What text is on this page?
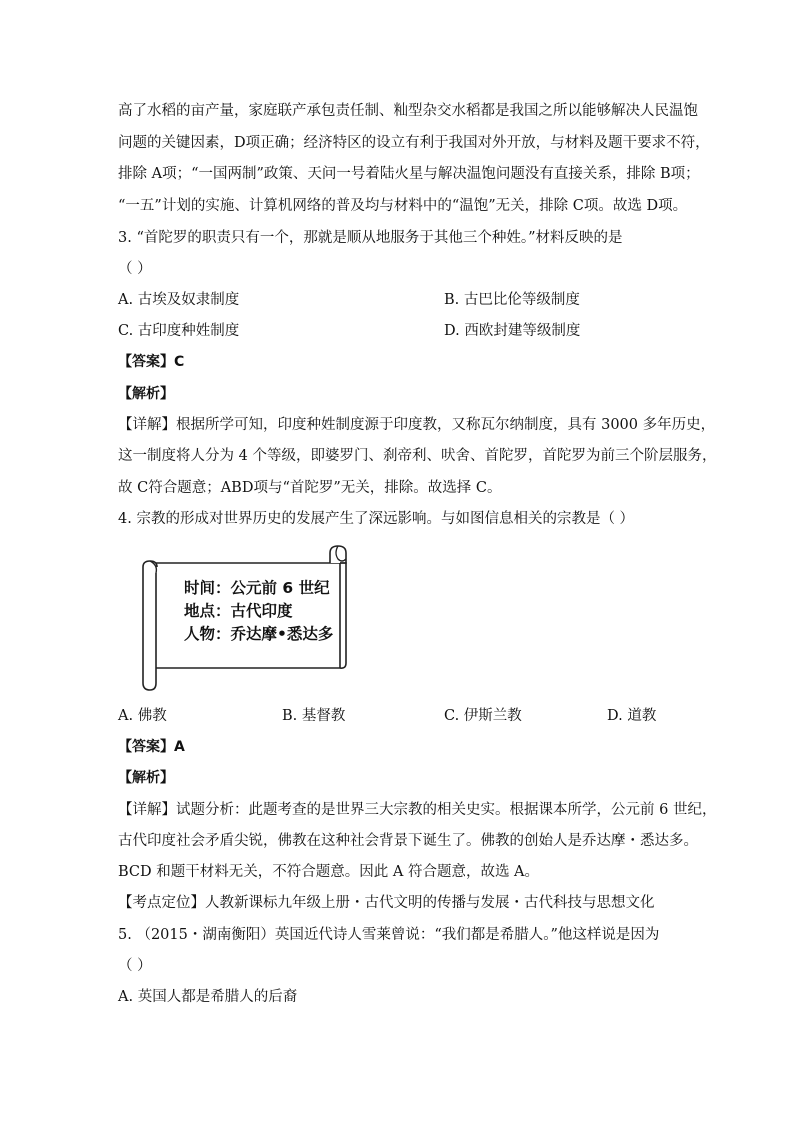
高了水稻的亩产量，家庭联产承包责任制、籼型杂交水稻都是我国之所以能够解决人民温饱
问题的关键因素，D项正确；经济特区的设立有利于我国对外开放，与材料及题干要求不符，
排除 A项；“一国两制”政策、天问一号着陆火星与解决温饱问题没有直接关系，排除 B项；
“一五”计划的实施、计算机网络的普及均与材料中的“温饱”无关，排除 C项。故选 D项。
3. “首陀罗的职责只有一个，那就是顺从地服务于其他三个种姓。”材料反映的是
（ ）
A. 古埃及奴隶制度	B. 古巴比伦等级制度
C. 古印度种姓制度	D. 西欧封建等级制度
【答案】C
【解析】
【详解】根据所学可知，印度种姓制度源于印度教，又称瓦尔纳制度，具有 3000 多年历史，
这一制度将人分为 4 个等级，即婆罗门、刹帝利、吠舍、首陀罗，首陀罗为前三个阶层服务，
故 C符合题意；ABD项与“首陀罗”无关，排除。故选择 C。
4. 宗教的形成对世界历史的发展产生了深远影响。与如图信息相关的宗教是（ ）
时间：公元前 6 世纪
地点：古代印度
人物：乔达摩•悉达多
A. 佛教	B. 基督教	C. 伊斯兰教	D. 道教
【答案】A
【解析】
【详解】试题分析：此题考查的是世界三大宗教的相关史实。根据课本所学，公元前 6 世纪，
古代印度社会矛盾尖锐，佛教在这种社会背景下诞生了。佛教的创始人是乔达摩・悉达多。
BCD 和题干材料无关，不符合题意。因此 A 符合题意，故选 A。
【考点定位】人教新课标九年级上册・古代文明的传播与发展・古代科技与思想文化
5. （2015・湖南衡阳）英国近代诗人雪莱曾说：“我们都是希腊人。”他这样说是因为
（ ）
A. 英国人都是希腊人的后裔
